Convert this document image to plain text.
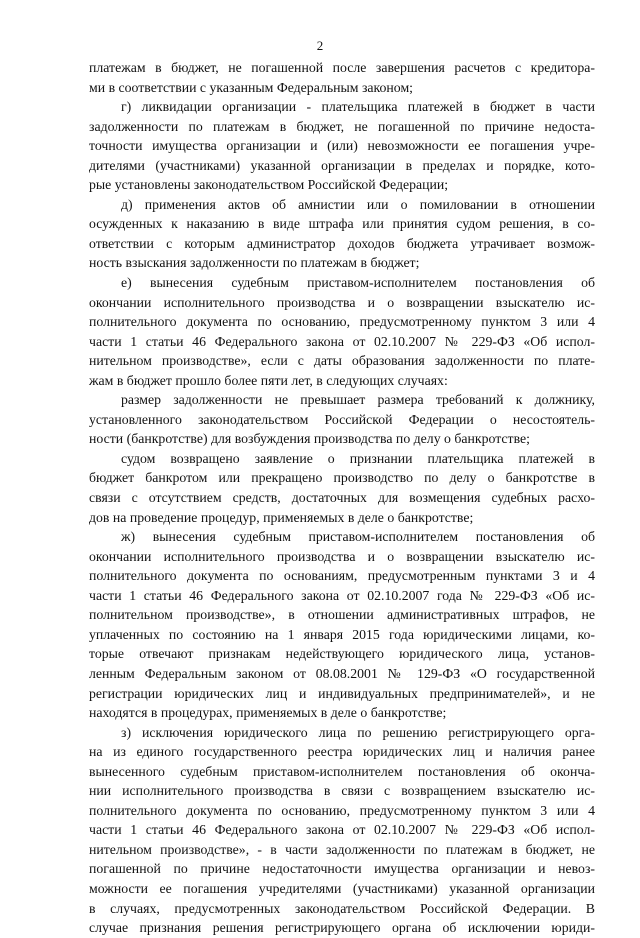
2
платежам в бюджет, не погашенной после завершения расчетов с кредитора-
ми в соответствии с указанным Федеральным законом;
г) ликвидации организации - плательщика платежей в бюджет в части
задолженности по платежам в бюджет, не погашенной по причине недоста-
точности имущества организации и (или) невозможности ее погашения учре-
дителями (участниками) указанной организации в пределах и порядке, кото-
рые установлены законодательством Российской Федерации;
д) применения актов об амнистии или о помиловании в отношении
осужденных к наказанию в виде штрафа или принятия судом решения, в со-
ответствии с которым администратор доходов бюджета утрачивает возмож-
ность взыскания задолженности по платежам в бюджет;
е) вынесения судебным приставом-исполнителем постановления об
окончании исполнительного производства и о возвращении взыскателю ис-
полнительного документа по основанию, предусмотренному пунктом 3 или 4
части 1 статьи 46 Федерального закона от 02.10.2007 № 229-ФЗ «Об испол-
нительном производстве», если с даты образования задолженности по плате-
жам в бюджет прошло более пяти лет, в следующих случаях:
размер задолженности не превышает размера требований к должнику,
установленного законодательством Российской Федерации о несостоятель-
ности (банкротстве) для возбуждения производства по делу о банкротстве;
судом возвращено заявление о признании плательщика платежей в
бюджет банкротом или прекращено производство по делу о банкротстве в
связи с отсутствием средств, достаточных для возмещения судебных расхо-
дов на проведение процедур, применяемых в деле о банкротстве;
ж) вынесения судебным приставом-исполнителем постановления об
окончании исполнительного производства и о возвращении взыскателю ис-
полнительного документа по основаниям, предусмотренным пунктами 3 и 4
части 1 статьи 46 Федерального закона от 02.10.2007 года № 229-ФЗ «Об ис-
полнительном производстве», в отношении административных штрафов, не
уплаченных по состоянию на 1 января 2015 года юридическими лицами, ко-
торые отвечают признакам недействующего юридического лица, установ-
ленным Федеральным законом от 08.08.2001 № 129-ФЗ «О государственной
регистрации юридических лиц и индивидуальных предпринимателей», и не
находятся в процедурах, применяемых в деле о банкротстве;
з) исключения юридического лица по решению регистрирующего орга-
на из единого государственного реестра юридических лиц и наличия ранее
вынесенного судебным приставом-исполнителем постановления об оконча-
нии исполнительного производства в связи с возвращением взыскателю ис-
полнительного документа по основанию, предусмотренному пунктом 3 или 4
части 1 статьи 46 Федерального закона от 02.10.2007 № 229-ФЗ «Об испол-
нительном производстве», - в части задолженности по платежам в бюджет, не
погашенной по причине недостаточности имущества организации и невоз-
можности ее погашения учредителями (участниками) указанной организации
в случаях, предусмотренных законодательством Российской Федерации. В
случае признания решения регистрирующего органа об исключении юриди-
